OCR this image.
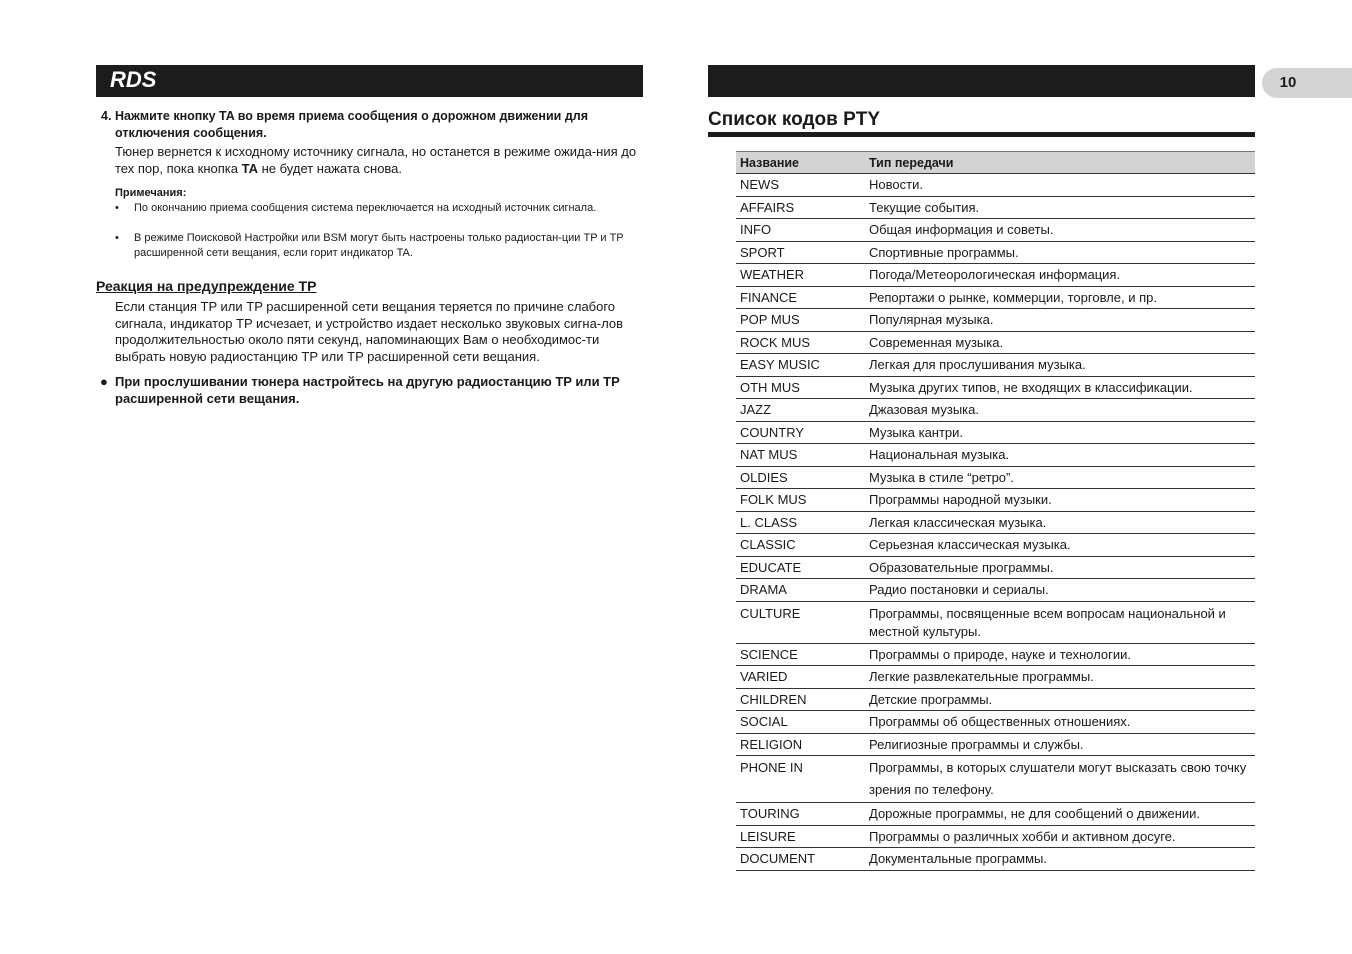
RDS
4. Нажмите кнопку TA во время приема сообщения о дорожном движении для отключения сообщения.
Тюнер вернется к исходному источнику сигнала, но останется в режиме ожида-ния до тех пор, пока кнопка TA не будет нажата снова.
Примечания:
• По окончанию приема сообщения система переключается на исходный источник сигнала.
• В режиме Поисковой Настройки или BSM могут быть настроены только радиостан-ции TP и TP расширенной сети вещания, если горит индикатор TA.
Реакция на предупреждение TP
Если станция TP или TP расширенной сети вещания теряется по причине слабого сигнала, индикатор TP исчезает, и устройство издает несколько звуковых сигна-лов продолжительностью около пяти секунд, напоминающих Вам о необходимос-ти выбрать новую радиостанцию TP или TP расширенной сети вещания.
● При прослушивании тюнера настройтесь на другую радиостанцию TP или TP расширенной сети вещания.
10
Список кодов PTY
Название	Тип передачи
NEWS	Новости.
AFFAIRS	Текущие события.
INFO	Общая информация и советы.
SPORT	Спортивные программы.
WEATHER	Погода/Метеорологическая информация.
FINANCE	Репортажи о рынке, коммерции, торговле, и пр.
POP MUS	Популярная музыка.
ROCK MUS	Современная музыка.
EASY MUSIC	Легкая для прослушивания музыка.
OTH MUS	Музыка других типов, не входящих в классификации.
JAZZ	Джазовая музыка.
COUNTRY	Музыка кантри.
NAT MUS	Национальная музыка.
OLDIES	Музыка в стиле “ретро”.
FOLK MUS	Программы народной музыки.
L. CLASS	Легкая классическая музыка.
CLASSIC	Серьезная классическая музыка.
EDUCATE	Образовательные программы.
DRAMA	Радио постановки и сериалы.
CULTURE	Программы, посвященные всем вопросам национальной и местной культуры.
SCIENCE	Программы о природе, науке и технологии.
VARIED	Легкие развлекательные программы.
CHILDREN	Детские программы.
SOCIAL	Программы об общественных отношениях.
RELIGION	Религиозные программы и службы.
PHONE IN	Программы, в которых слушатели могут высказать свою точку зрения по телефону.
TOURING	Дорожные программы, не для сообщений о движении.
LEISURE	Программы о различных хобби и активном досуге.
DOCUMENT	Документальные программы.
